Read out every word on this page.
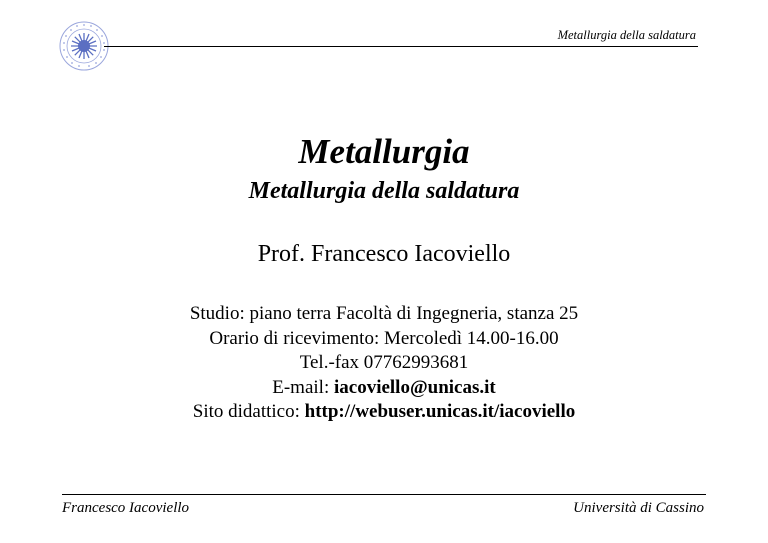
Metallurgia della saldatura
Metallurgia
Metallurgia della saldatura
Prof. Francesco Iacoviello
Studio: piano terra Facoltà di Ingegneria, stanza 25
Orario di ricevimento: Mercoledì 14.00-16.00
Tel.-fax 07762993681
E-mail: iacoviello@unicas.it
Sito didattico: http://webuser.unicas.it/iacoviello
Francesco Iacoviello	Università di Cassino
